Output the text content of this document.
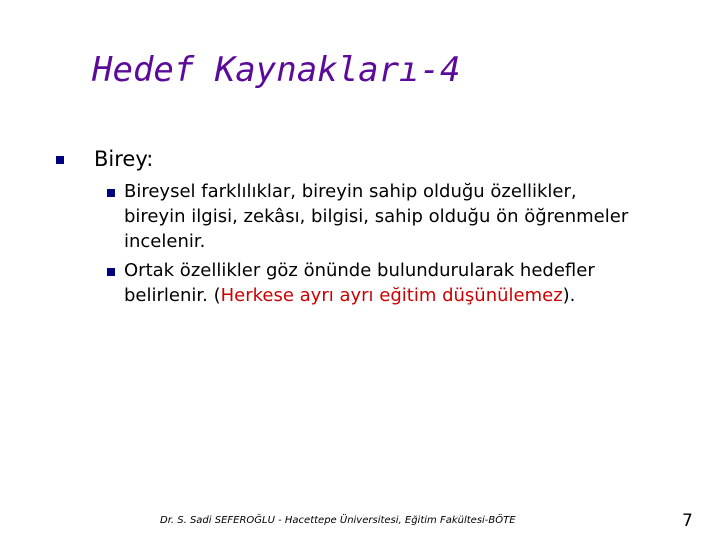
Hedef Kaynakları-4
Birey:
Bireysel farklılıklar, bireyin sahip olduğu özellikler,
bireyin ilgisi, zekâsı, bilgisi, sahip olduğu ön öğrenmeler
incelenir.
Ortak özellikler göz önünde bulundurularak hedefler
belirlenir. (Herkese ayrı ayrı eğitim düşünülemez).
Dr. S. Sadi SEFEROĞLU - Hacettepe Üniversitesi, Eğitim Fakültesi-BÖTE	7
